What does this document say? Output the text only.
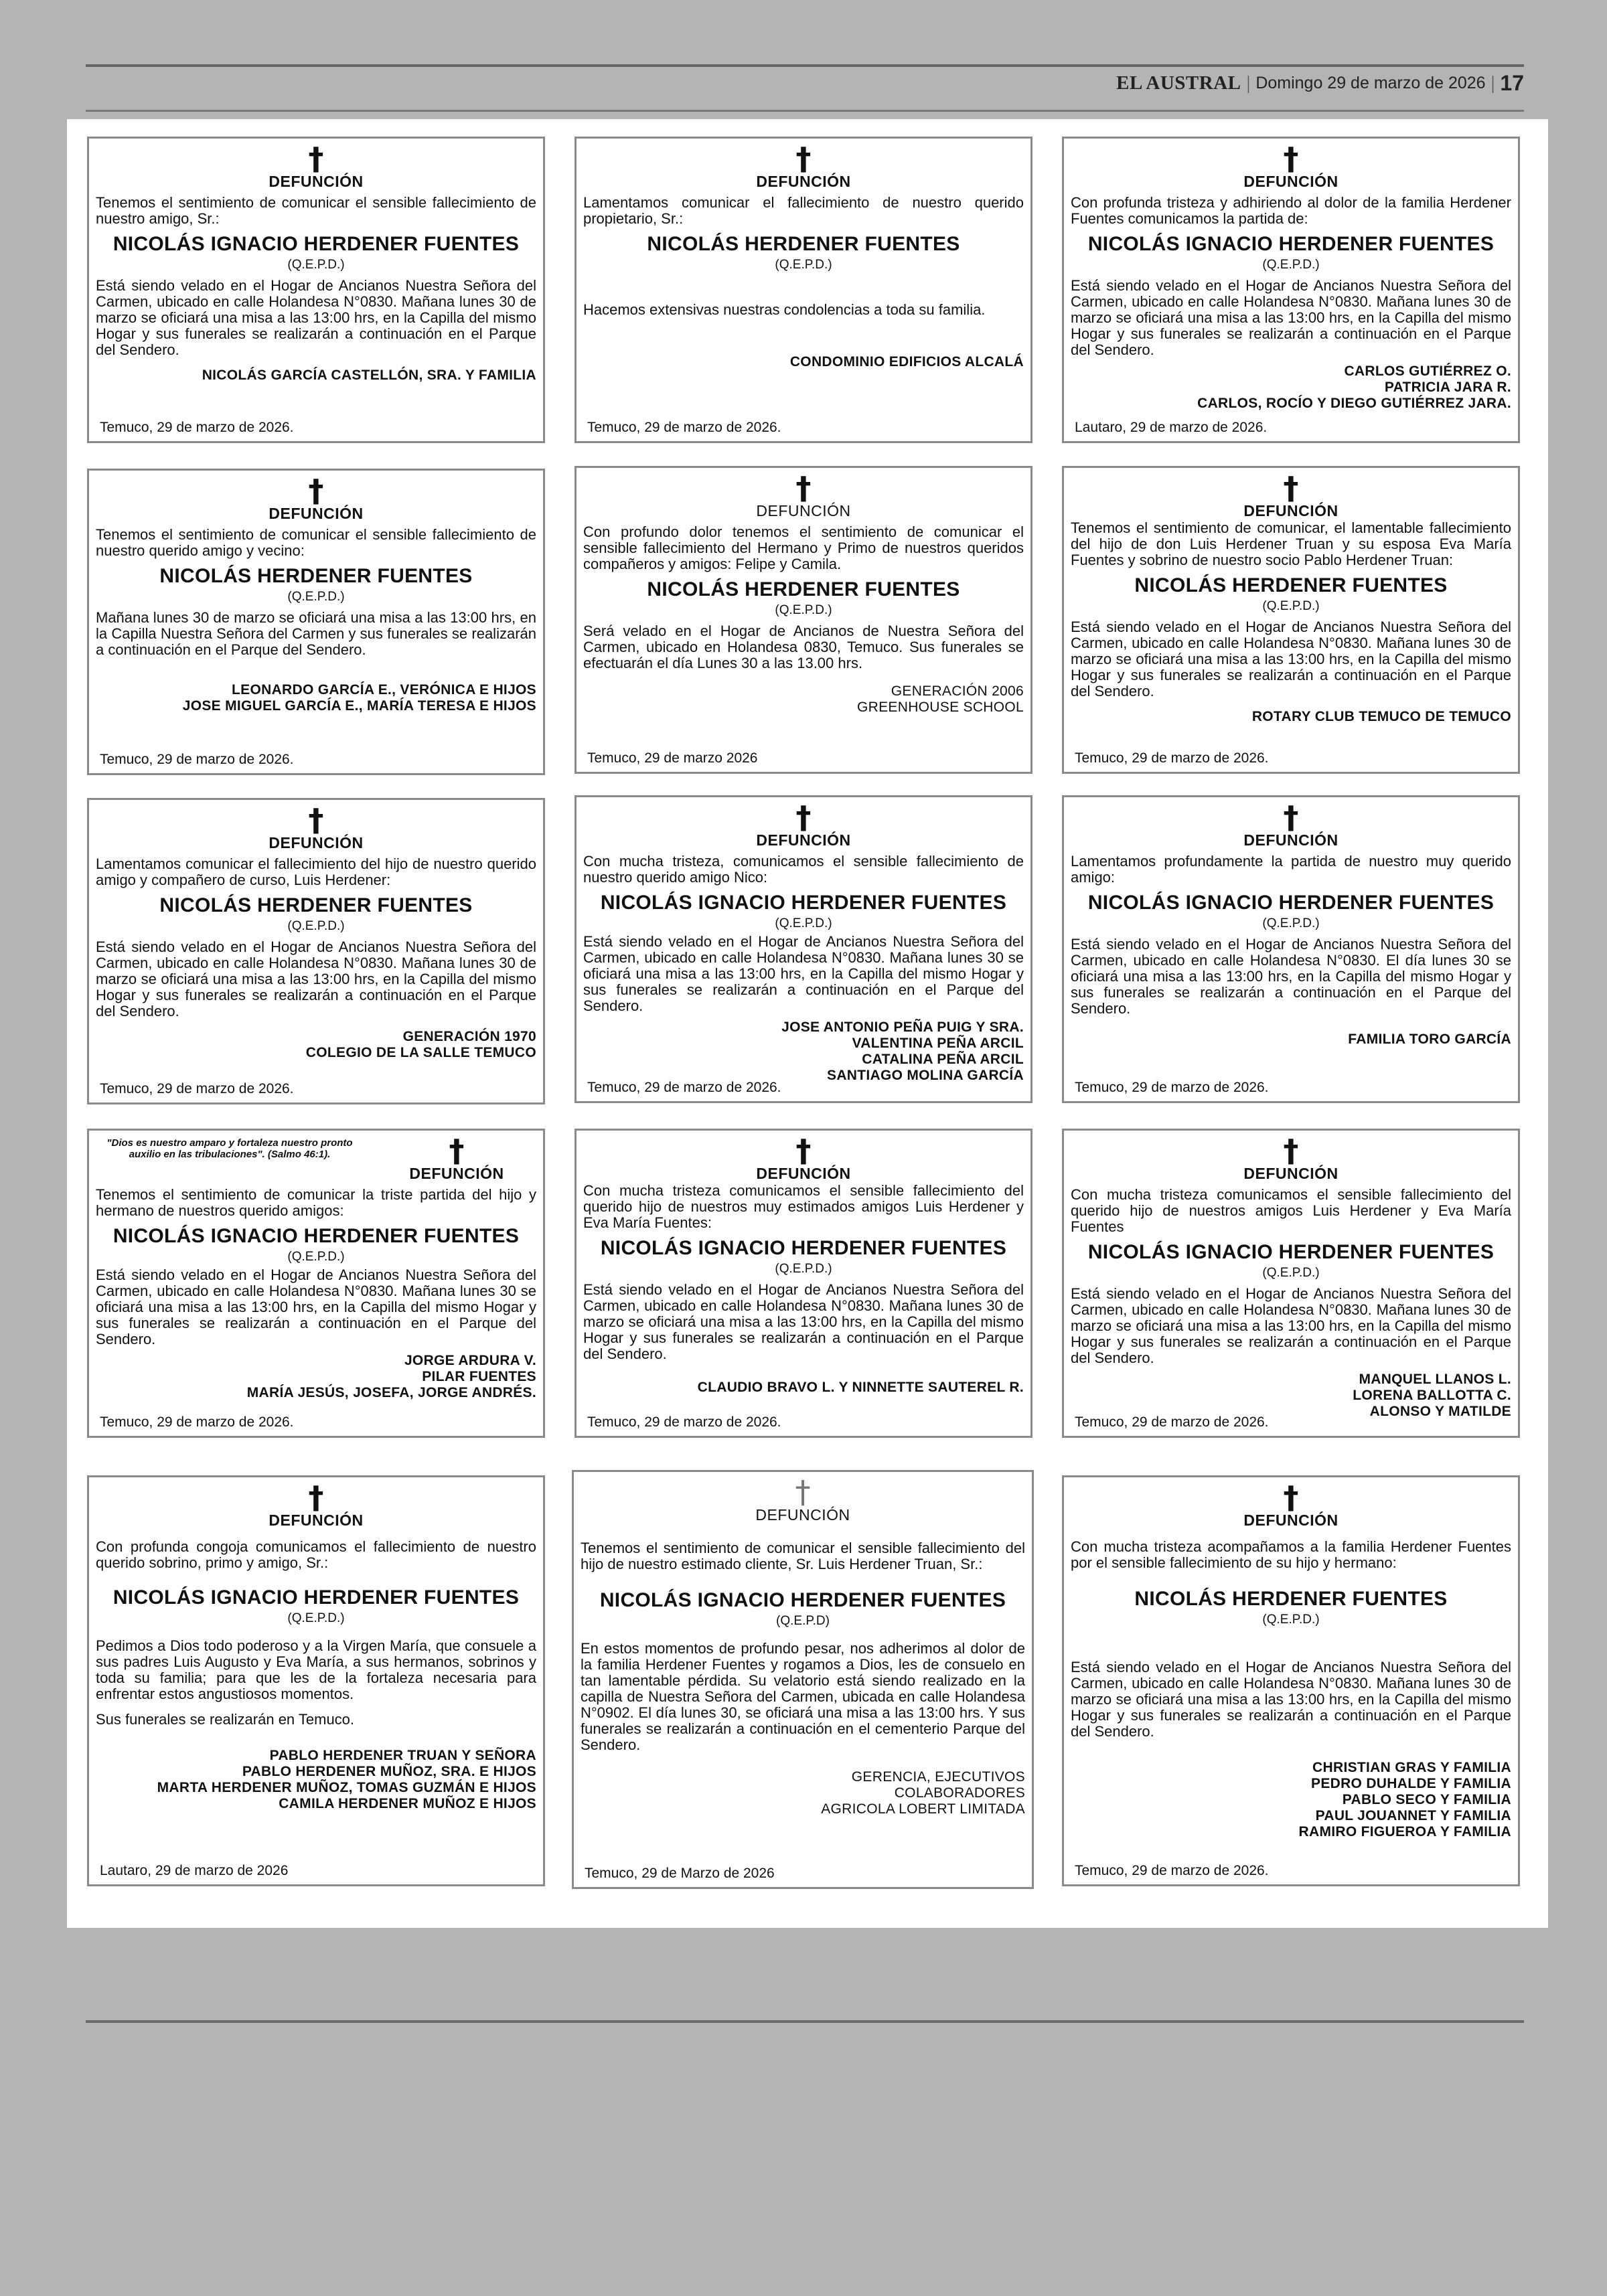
EL AUSTRAL | Domingo 29 de marzo de 2026 | 17
†
DEFUNCIÓN
Tenemos el sentimiento de comunicar el sensible fallecimiento de nuestro amigo, Sr.:
NICOLÁS IGNACIO HERDENER FUENTES
(Q.E.P.D.)
Está siendo velado en el Hogar de Ancianos Nuestra Señora del Carmen, ubicado en calle Holandesa N°0830. Mañana lunes 30 de marzo se oficiará una misa a las 13:00 hrs, en la Capilla del mismo Hogar y sus funerales se realizarán a continuación en el Parque del Sendero.
NICOLÁS GARCÍA CASTELLÓN, SRA. Y FAMILIA
Temuco, 29 de marzo de 2026.
†
DEFUNCIÓN
Lamentamos comunicar el fallecimiento de nuestro querido propietario, Sr.:
NICOLÁS HERDENER FUENTES
(Q.E.P.D.)
Hacemos extensivas nuestras condolencias a toda su familia.
CONDOMINIO EDIFICIOS ALCALÁ
Temuco, 29 de marzo de 2026.
†
DEFUNCIÓN
Con profunda tristeza y adhiriendo al dolor de la familia Herdener Fuentes comunicamos la partida de:
NICOLÁS IGNACIO HERDENER FUENTES
(Q.E.P.D.)
Está siendo velado en el Hogar de Ancianos Nuestra Señora del Carmen, ubicado en calle Holandesa N°0830. Mañana lunes 30 de marzo se oficiará una misa a las 13:00 hrs, en la Capilla del mismo Hogar y sus funerales se realizarán a continuación en el Parque del Sendero.
CARLOS GUTIÉRREZ O.
PATRICIA JARA R.
CARLOS, ROCÍO Y DIEGO GUTIÉRREZ JARA.
Lautaro, 29 de marzo de 2026.
†
DEFUNCIÓN
Tenemos el sentimiento de comunicar el sensible fallecimiento de nuestro querido amigo y vecino:
NICOLÁS HERDENER FUENTES
(Q.E.P.D.)
Mañana lunes 30 de marzo se oficiará una misa a las 13:00 hrs, en la Capilla Nuestra Señora del Carmen y sus funerales se realizarán a continuación en el Parque del Sendero.
LEONARDO GARCÍA E., VERÓNICA E HIJOS
JOSE MIGUEL GARCÍA E., MARÍA TERESA E HIJOS
Temuco, 29 de marzo de 2026.
†
DEFUNCIÓN
Con profundo dolor tenemos el sentimiento de comunicar el sensible fallecimiento del Hermano y Primo de nuestros queridos compañeros y amigos: Felipe y Camila.
NICOLÁS HERDENER FUENTES
(Q.E.P.D.)
Será velado en el Hogar de Ancianos de Nuestra Señora del Carmen, ubicado en Holandesa 0830, Temuco. Sus funerales se efectuarán el día Lunes 30 a las 13.00 hrs.
GENERACIÓN 2006
GREENHOUSE SCHOOL
Temuco, 29 de marzo 2026
†
DEFUNCIÓN
Tenemos el sentimiento de comunicar, el lamentable fallecimiento del hijo de don Luis Herdener Truan y su esposa Eva María Fuentes y sobrino de nuestro socio Pablo Herdener Truan:
NICOLÁS HERDENER FUENTES
(Q.E.P.D.)
Está siendo velado en el Hogar de Ancianos Nuestra Señora del Carmen, ubicado en calle Holandesa N°0830. Mañana lunes 30 de marzo se oficiará una misa a las 13:00 hrs, en la Capilla del mismo Hogar y sus funerales se realizarán a continuación en el Parque del Sendero.
ROTARY CLUB TEMUCO DE TEMUCO
Temuco, 29 de marzo de 2026.
†
DEFUNCIÓN
Lamentamos comunicar el fallecimiento del hijo de nuestro querido amigo y compañero de curso, Luis Herdener:
NICOLÁS HERDENER FUENTES
(Q.E.P.D.)
Está siendo velado en el Hogar de Ancianos Nuestra Señora del Carmen, ubicado en calle Holandesa N°0830. Mañana lunes 30 de marzo se oficiará una misa a las 13:00 hrs, en la Capilla del mismo Hogar y sus funerales se realizarán a continuación en el Parque del Sendero.
GENERACIÓN 1970
COLEGIO DE LA SALLE TEMUCO
Temuco, 29 de marzo de 2026.
†
DEFUNCIÓN
Con mucha tristeza, comunicamos el sensible fallecimiento de nuestro querido amigo Nico:
NICOLÁS IGNACIO HERDENER FUENTES
(Q.E.P.D.)
Está siendo velado en el Hogar de Ancianos Nuestra Señora del Carmen, ubicado en calle Holandesa N°0830. Mañana lunes 30 se oficiará una misa a las 13:00 hrs, en la Capilla del mismo Hogar y sus funerales se realizarán a continuación en el Parque del Sendero.
JOSE ANTONIO PEÑA PUIG Y SRA.
VALENTINA PEÑA ARCIL
CATALINA PEÑA ARCIL
SANTIAGO MOLINA GARCÍA
Temuco, 29 de marzo de 2026.
†
DEFUNCIÓN
Lamentamos profundamente la partida de nuestro muy querido amigo:
NICOLÁS IGNACIO HERDENER FUENTES
(Q.E.P.D.)
Está siendo velado en el Hogar de Ancianos Nuestra Señora del Carmen, ubicado en calle Holandesa N°0830. El día lunes 30 se oficiará una misa a las 13:00 hrs, en la Capilla del mismo Hogar y sus funerales se realizarán a continuación en el Parque del Sendero.
FAMILIA TORO GARCÍA
Temuco, 29 de marzo de 2026.
"Dios es nuestro amparo y fortaleza nuestro pronto auxilio en las tribulaciones". (Salmo 46:1).	†
DEFUNCIÓN
Tenemos el sentimiento de comunicar la triste partida del hijo y hermano de nuestros querido amigos:
NICOLÁS IGNACIO HERDENER FUENTES
(Q.E.P.D.)
Está siendo velado en el Hogar de Ancianos Nuestra Señora del Carmen, ubicado en calle Holandesa N°0830. Mañana lunes 30 se oficiará una misa a las 13:00 hrs, en la Capilla del mismo Hogar y sus funerales se realizarán a continuación en el Parque del Sendero.
JORGE ARDURA V.
PILAR FUENTES
MARÍA JESÚS, JOSEFA, JORGE ANDRÉS.
Temuco, 29 de marzo de 2026.
†
DEFUNCIÓN
Con mucha tristeza comunicamos el sensible fallecimiento del querido hijo de nuestros muy estimados amigos Luis Herdener y Eva María Fuentes:
NICOLÁS IGNACIO HERDENER FUENTES
(Q.E.P.D.)
Está siendo velado en el Hogar de Ancianos Nuestra Señora del Carmen, ubicado en calle Holandesa N°0830. Mañana lunes 30 de marzo se oficiará una misa a las 13:00 hrs, en la Capilla del mismo Hogar y sus funerales se realizarán a continuación en el Parque del Sendero.
CLAUDIO BRAVO L. Y NINNETTE SAUTEREL R.
Temuco, 29 de marzo de 2026.
†
DEFUNCIÓN
Con mucha tristeza comunicamos el sensible fallecimiento del querido hijo de nuestros amigos Luis Herdener y Eva María Fuentes
NICOLÁS IGNACIO HERDENER FUENTES
(Q.E.P.D.)
Está siendo velado en el Hogar de Ancianos Nuestra Señora del Carmen, ubicado en calle Holandesa N°0830. Mañana lunes 30 de marzo se oficiará una misa a las 13:00 hrs, en la Capilla del mismo Hogar y sus funerales se realizarán a continuación en el Parque del Sendero.
MANQUEL LLANOS L.
LORENA BALLOTTA C.
ALONSO Y MATILDE
Temuco, 29 de marzo de 2026.
†
DEFUNCIÓN
Con profunda congoja comunicamos el fallecimiento de nuestro querido sobrino, primo y amigo, Sr.:
NICOLÁS IGNACIO HERDENER FUENTES
(Q.E.P.D.)
Pedimos a Dios todo poderoso y a la Virgen María, que consuele a sus padres Luis Augusto y Eva María, a sus hermanos, sobrinos y toda su familia; para que les de la fortaleza necesaria para enfrentar estos angustiosos momentos.
Sus funerales se realizarán en Temuco.
PABLO HERDENER TRUAN Y SEÑORA
PABLO HERDENER MUÑOZ, SRA. E HIJOS
MARTA HERDENER MUÑOZ, TOMAS GUZMÁN E HIJOS
CAMILA HERDENER MUÑOZ E HIJOS
Lautaro, 29 de marzo de 2026
†
DEFUNCIÓN
Tenemos el sentimiento de comunicar el sensible fallecimiento del hijo de nuestro estimado cliente, Sr. Luis Herdener Truan, Sr.:
NICOLÁS IGNACIO HERDENER FUENTES
(Q.E.P.D)
En estos momentos de profundo pesar, nos adherimos al dolor de la familia Herdener Fuentes y rogamos a Dios, les de consuelo en tan lamentable pérdida. Su velatorio está siendo realizado en la capilla de Nuestra Señora del Carmen, ubicada en calle Holandesa N°0902. El día lunes 30, se oficiará una misa a las 13:00 hrs. Y sus funerales se realizarán a continuación en el cementerio Parque del Sendero.
GERENCIA, EJECUTIVOS
COLABORADORES
AGRICOLA LOBERT LIMITADA
Temuco, 29 de Marzo de 2026
†
DEFUNCIÓN
Con mucha tristeza acompañamos a la familia Herdener Fuentes por el sensible fallecimiento de su hijo y hermano:
NICOLÁS HERDENER FUENTES
(Q.E.P.D.)
Está siendo velado en el Hogar de Ancianos Nuestra Señora del Carmen, ubicado en calle Holandesa N°0830. Mañana lunes 30 de marzo se oficiará una misa a las 13:00 hrs, en la Capilla del mismo Hogar y sus funerales se realizarán a continuación en el Parque del Sendero.
CHRISTIAN GRAS Y FAMILIA
PEDRO DUHALDE Y FAMILIA
PABLO SECO Y FAMILIA
PAUL JOUANNET Y FAMILIA
RAMIRO FIGUEROA Y FAMILIA
Temuco, 29 de marzo de 2026.
